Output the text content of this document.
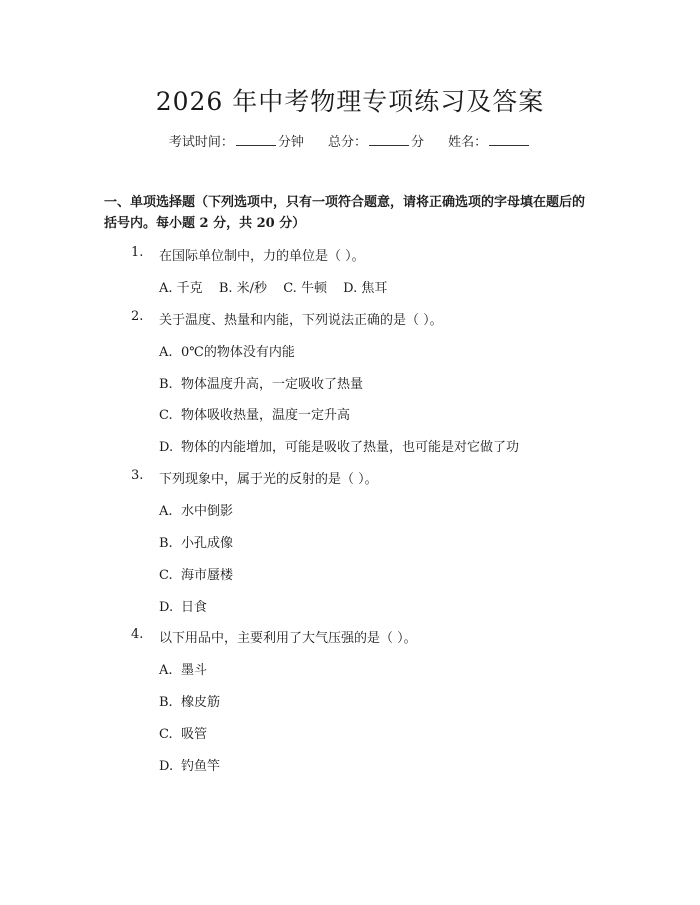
2026 年中考物理专项练习及答案
考试时间：	分钟 总分：	分 姓名：
一、单项选择题（下列选项中，只有一项符合题意，请将正确选项的字母填在题后的括号内。每小题 2 分，共 20 分）
1. 在国际单位制中，力的单位是（ ）。
A. 千克 B. 米/秒 C. 牛顿 D. 焦耳
2. 关于温度、热量和内能，下列说法正确的是（ ）。
A. 0℃的物体没有内能
B. 物体温度升高，一定吸收了热量
C. 物体吸收热量，温度一定升高
D. 物体的内能增加，可能是吸收了热量，也可能是对它做了功
3. 下列现象中，属于光的反射的是（ ）。
A. 水中倒影
B. 小孔成像
C. 海市蜃楼
D. 日食
4. 以下用品中，主要利用了大气压强的是（ ）。
A. 墨斗
B. 橡皮筋
C. 吸管
D. 钓鱼竿
